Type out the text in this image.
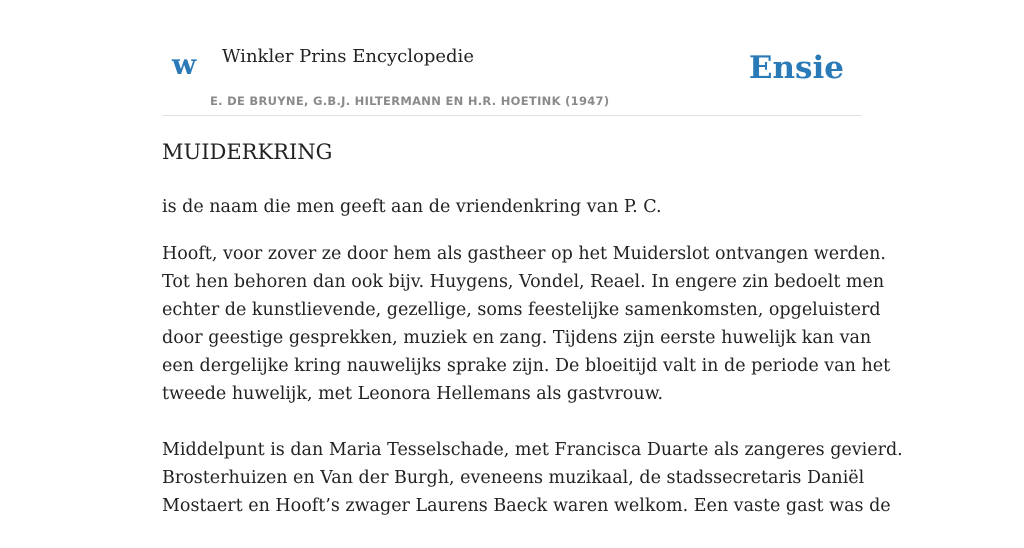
w Winkler Prins Encyclopedie
E. DE BRUYNE, G.B.J. HILTERMANN EN H.R. HOETINK (1947)
Ensie
MUIDERKRING

is de naam die men geeft aan de vriendenkring van P. C.

Hooft, voor zover ze door hem als gastheer op het Muiderslot ontvangen werden.
Tot hen behoren dan ook bijv. Huygens, Vondel, Reael. In engere zin bedoelt men
echter de kunstlievende, gezellige, soms feestelijke samenkomsten, opgeluisterd
door geestige gesprekken, muziek en zang. Tijdens zijn eerste huwelijk kan van
een dergelijke kring nauwelijks sprake zijn. De bloeitijd valt in de periode van het
tweede huwelijk, met Leonora Hellemans als gastvrouw.

Middelpunt is dan Maria Tesselschade, met Francisca Duarte als zangeres gevierd.
Brosterhuizen en Van der Burgh, eveneens muzikaal, de stadssecretaris Daniël
Mostaert en Hooft’s zwager Laurens Baeck waren welkom. Een vaste gast was de
